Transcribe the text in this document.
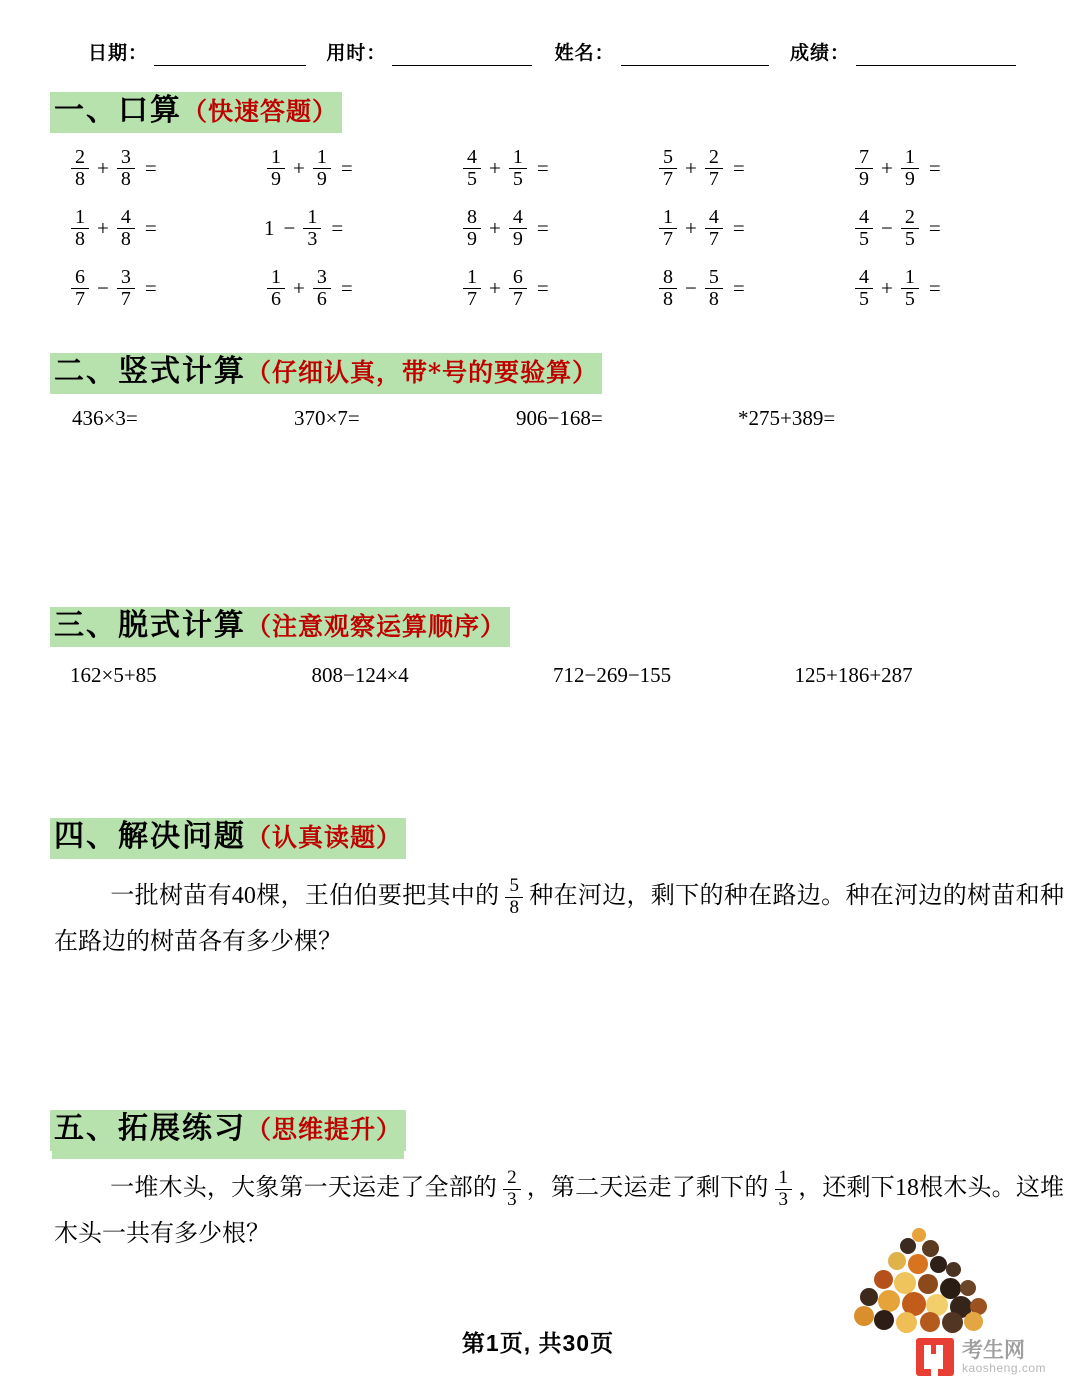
日期：	用时：	姓名：	成绩：
一、口算（快速答题）
$\frac{2}{8} + \frac{3}{8}$ =	$\frac{1}{9} + \frac{1}{9}$ =	$\frac{4}{5} + \frac{1}{5}$ =	$\frac{5}{7} + \frac{2}{7}$ =	$\frac{7}{9} + \frac{1}{9}$ =
$\frac{1}{8} + \frac{4}{8}$ =	$1 - \frac{1}{3}$ =	$\frac{8}{9} + \frac{4}{9}$ =	$\frac{1}{7} + \frac{4}{7}$ =	$\frac{4}{5} - \frac{2}{5}$ =
$\frac{6}{7} - \frac{3}{7}$ =	$\frac{1}{6} + \frac{3}{6}$ =	$\frac{1}{7} + \frac{6}{7}$ =	$\frac{8}{8} - \frac{5}{8}$ =	$\frac{4}{5} + \frac{1}{5}$ =
二、竖式计算（仔细认真，带*号的要验算）
436×3=	370×7=	906−168=	*275+389=
三、脱式计算（注意观察运算顺序）
162×5+85	808−124×4	712−269−155	125+186+287
四、解决问题（认真读题）
一批树苗有40棵，王伯伯要把其中的 $\frac{5}{8}$ 种在河边，剩下的种在路边。种在河边的树苗和种在路边的树苗各有多少棵？
五、拓展练习（思维提升）
一堆木头，大象第一天运走了全部的 $\frac{2}{3}$ ，第二天运走了剩下的 $\frac{1}{3}$ ，还剩下18根木头。这堆木头一共有多少根？
第1页, 共30页	考生网
kaosheng.com
